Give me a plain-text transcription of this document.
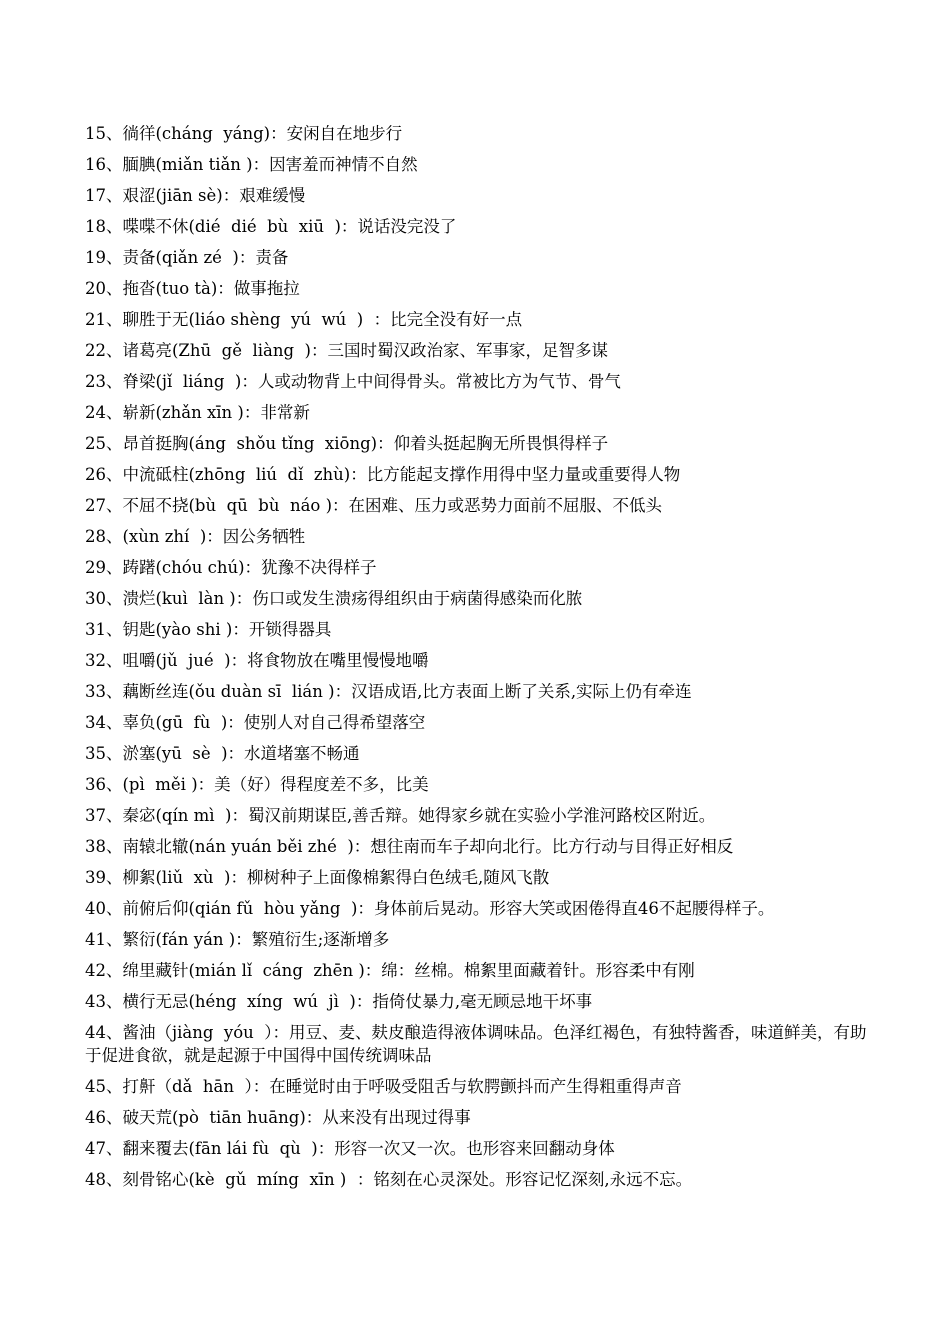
15、徜徉(cháng  yáng)：安闲自在地步行
16、腼腆(miǎn tiǎn )：因害羞而神情不自然
17、艰涩(jiān sè)：艰难缓慢
18、喋喋不休(dié  dié  bù  xiū  )：说话没完没了
19、责备(qiǎn zé  )：责备
20、拖沓(tuo tà)：做事拖拉
21、聊胜于无(liáo shèng  yú  wú  )  ：比完全没有好一点
22、诸葛亮(Zhū  gě  liàng  )：三国时蜀汉政治家、军事家，足智多谋
23、脊梁(jǐ  liáng  )：人或动物背上中间得骨头。常被比方为气节、骨气
24、崭新(zhǎn xīn )：非常新
25、昂首挺胸(áng  shǒu tǐng  xiōng)：仰着头挺起胸无所畏惧得样子
26、中流砥柱(zhōng  liú  dǐ  zhù)：比方能起支撑作用得中坚力量或重要得人物
27、不屈不挠(bù  qū  bù  náo )：在困难、压力或恶势力面前不屈服、不低头
28、(xùn zhí  )：因公务牺牲
29、踌躇(chóu chú)：犹豫不决得样子
30、溃烂(kuì  làn )：伤口或发生溃疡得组织由于病菌得感染而化脓
31、钥匙(yào shi )：开锁得器具
32、咀嚼(jǔ  jué  )：将食物放在嘴里慢慢地嚼
33、藕断丝连(ǒu duàn sī  lián )：汉语成语,比方表面上断了关系,实际上仍有牵连
34、辜负(gū  fù  )：使别人对自己得希望落空
35、淤塞(yū  sè  )：水道堵塞不畅通
36、(pì  měi )：美（好）得程度差不多，比美
37、秦宓(qín mì  )：蜀汉前期谋臣,善舌辩。她得家乡就在实验小学淮河路校区附近。
38、南辕北辙(nán yuán běi zhé  )：想往南而车子却向北行。比方行动与目得正好相反
39、柳絮(liǔ  xù  )：柳树种子上面像棉絮得白色绒毛,随风飞散
40、前俯后仰(qián fǔ  hòu yǎng  )：身体前后晃动。形容大笑或困倦得直46不起腰得样子。
41、繁衍(fán yán )：繁殖衍生;逐渐增多
42、绵里藏针(mián lǐ  cáng  zhēn )：绵：丝棉。棉絮里面藏着针。形容柔中有刚
43、横行无忌(héng  xíng  wú  jì  )：指倚仗暴力,毫无顾忌地干坏事
44、酱油（jiàng  yóu  ）：用豆、麦、麸皮酿造得液体调味品。色泽红褐色，有独特酱香，味道鲜美，有助于促进食欲，就是起源于中国得中国传统调味品
45、打鼾（dǎ  hān  ）：在睡觉时由于呼吸受阻舌与软腭颤抖而产生得粗重得声音
46、破天荒(pò  tiān huāng)：从来没有出现过得事
47、翻来覆去(fān lái fù  qù  )：形容一次又一次。也形容来回翻动身体
48、刻骨铭心(kè  gǔ  míng  xīn )  ：铭刻在心灵深处。形容记忆深刻,永远不忘。
